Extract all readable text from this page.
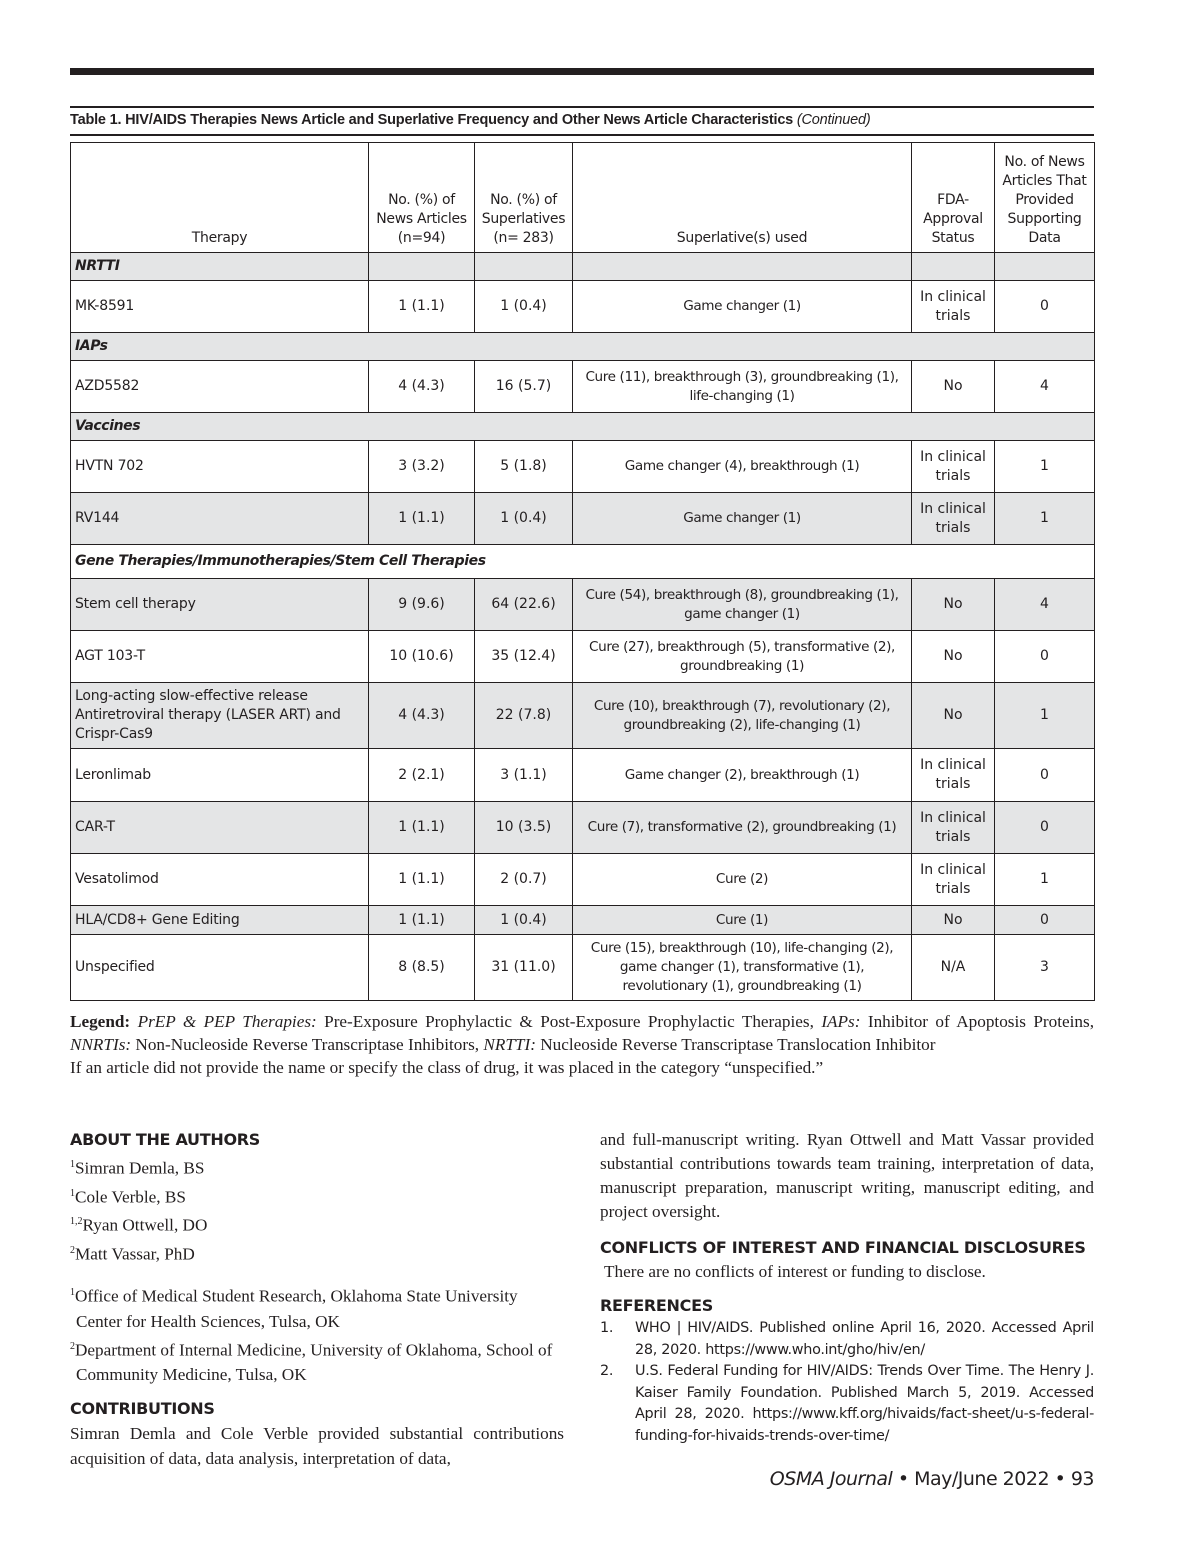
Table 1. HIV/AIDS Therapies News Article and Superlative Frequency and Other News Article Characteristics (Continued)
Therapy	No. (%) of News Articles (n=94)	No. (%) of Superlatives (n= 283)	Superlative(s) used	FDA-Approval Status	No. of News Articles That Provided Supporting Data
NRTTI					
MK-8591	1 (1.1)	1 (0.4)	Game changer (1)	In clinical trials	0
IAPs					
AZD5582	4 (4.3)	16 (5.7)	Cure (11), breakthrough (3), groundbreaking (1), life-changing (1)	No	4
Vaccines					
HVTN 702	3 (3.2)	5 (1.8)	Game changer (4), breakthrough (1)	In clinical trials	1
RV144	1 (1.1)	1 (0.4)	Game changer (1)	In clinical trials	1
Gene Therapies/Immunotherapies/Stem Cell Therapies					
Stem cell therapy	9 (9.6)	64 (22.6)	Cure (54), breakthrough (8), groundbreaking (1), game changer (1)	No	4
AGT 103-T	10 (10.6)	35 (12.4)	Cure (27), breakthrough (5), transformative (2), groundbreaking (1)	No	0
Long-acting slow-effective release Antiretroviral therapy (LASER ART) and Crispr-Cas9	4 (4.3)	22 (7.8)	Cure (10), breakthrough (7), revolutionary (2), groundbreaking (2), life-changing (1)	No	1
Leronlimab	2 (2.1)	3 (1.1)	Game changer (2), breakthrough (1)	In clinical trials	0
CAR-T	1 (1.1)	10 (3.5)	Cure (7), transformative (2), groundbreaking (1)	In clinical trials	0
Vesatolimod	1 (1.1)	2 (0.7)	Cure (2)	In clinical trials	1
HLA/CD8+ Gene Editing	1 (1.1)	1 (0.4)	Cure (1)	No	0
Unspecified	8 (8.5)	31 (11.0)	Cure (15), breakthrough (10), life-changing (2), game changer (1), transformative (1), revolutionary (1), groundbreaking (1)	N/A	3

Legend: PrEP & PEP Therapies: Pre-Exposure Prophylactic & Post-Exposure Prophylactic Therapies, IAPs: Inhibitor of Apoptosis Proteins, NNRTIs: Non-Nucleoside Reverse Transcriptase Inhibitors, NRTTI: Nucleoside Reverse Transcriptase Translocation Inhibitor

If an article did not provide the name or specify the class of drug, it was placed in the category “unspecified.”

ABOUT THE AUTHORS

$^1$Simran Demla, BS

$^1$Cole Verble, BS

$^{1,2}$Ryan Ottwell, DO

$^2$Matt Vassar, PhD

$^1$Office of Medical Student Research, Oklahoma State University Center for Health Sciences, Tulsa, OK

$^2$Department of Internal Medicine, University of Oklahoma, School of Community Medicine, Tulsa, OK

CONTRIBUTIONS

Simran Demla and Cole Verble provided substantial contributions acquisition of data, data analysis, interpretation of data,

and full-manuscript writing. Ryan Ottwell and Matt Vassar provided substantial contributions towards team training, interpretation of data, manuscript preparation, manuscript writing, manuscript editing, and project oversight.

CONFLICTS OF INTEREST AND FINANCIAL DISCLOSURES

There are no conflicts of interest or funding to disclose.

REFERENCES
1. WHO | HIV/AIDS. Published online April 16, 2020. Accessed April 28, 2020. https://www.who.int/gho/hiv/en/
2. U.S. Federal Funding for HIV/AIDS: Trends Over Time. The Henry J. Kaiser Family Foundation. Published March 5, 2019. Accessed April 28, 2020. https://www.kff.org/hivaids/fact-sheet/u-s-federal-funding-for-hivaids-trends-over-time/
OSMA Journal • May/June 2022 • 93
